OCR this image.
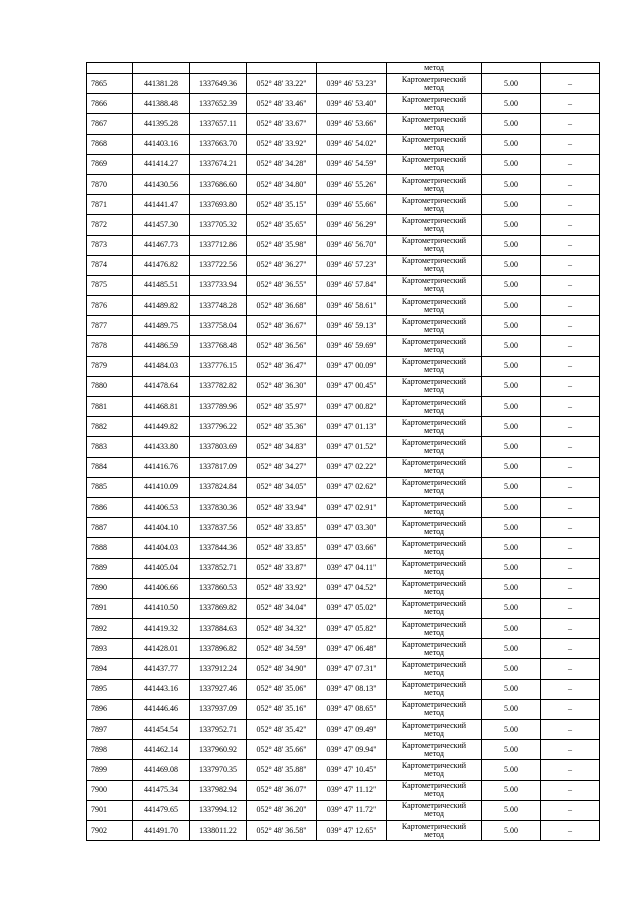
					метод		

7865	441381.28	1337649.36	052° 48' 33.22"	039° 46' 53.23"	Картометрический
метод	5.00	–
7866	441388.48	1337652.39	052° 48' 33.46"	039° 46' 53.40"	Картометрический
метод	5.00	–
7867	441395.28	1337657.11	052° 48' 33.67"	039° 46' 53.66"	Картометрический
метод	5.00	–
7868	441403.16	1337663.70	052° 48' 33.92"	039° 46' 54.02"	Картометрический
метод	5.00	–
7869	441414.27	1337674.21	052° 48' 34.28"	039° 46' 54.59"	Картометрический
метод	5.00	–
7870	441430.56	1337686.60	052° 48' 34.80"	039° 46' 55.26"	Картометрический
метод	5.00	–
7871	441441.47	1337693.80	052° 48' 35.15"	039° 46' 55.66"	Картометрический
метод	5.00	–
7872	441457.30	1337705.32	052° 48' 35.65"	039° 46' 56.29"	Картометрический
метод	5.00	–
7873	441467.73	1337712.86	052° 48' 35.98"	039° 46' 56.70"	Картометрический
метод	5.00	–
7874	441476.82	1337722.56	052° 48' 36.27"	039° 46' 57.23"	Картометрический
метод	5.00	–
7875	441485.51	1337733.94	052° 48' 36.55"	039° 46' 57.84"	Картометрический
метод	5.00	–
7876	441489.82	1337748.28	052° 48' 36.68"	039° 46' 58.61"	Картометрический
метод	5.00	–
7877	441489.75	1337758.04	052° 48' 36.67"	039° 46' 59.13"	Картометрический
метод	5.00	–
7878	441486.59	1337768.48	052° 48' 36.56"	039° 46' 59.69"	Картометрический
метод	5.00	–
7879	441484.03	1337776.15	052° 48' 36.47"	039° 47' 00.09"	Картометрический
метод	5.00	–
7880	441478.64	1337782.82	052° 48' 36.30"	039° 47' 00.45"	Картометрический
метод	5.00	–
7881	441468.81	1337789.96	052° 48' 35.97"	039° 47' 00.82"	Картометрический
метод	5.00	–
7882	441449.82	1337796.22	052° 48' 35.36"	039° 47' 01.13"	Картометрический
метод	5.00	–
7883	441433.80	1337803.69	052° 48' 34.83"	039° 47' 01.52"	Картометрический
метод	5.00	–
7884	441416.76	1337817.09	052° 48' 34.27"	039° 47' 02.22"	Картометрический
метод	5.00	–
7885	441410.09	1337824.84	052° 48' 34.05"	039° 47' 02.62"	Картометрический
метод	5.00	–
7886	441406.53	1337830.36	052° 48' 33.94"	039° 47' 02.91"	Картометрический
метод	5.00	–
7887	441404.10	1337837.56	052° 48' 33.85"	039° 47' 03.30"	Картометрический
метод	5.00	–
7888	441404.03	1337844.36	052° 48' 33.85"	039° 47' 03.66"	Картометрический
метод	5.00	–
7889	441405.04	1337852.71	052° 48' 33.87"	039° 47' 04.11"	Картометрический
метод	5.00	–
7890	441406.66	1337860.53	052° 48' 33.92"	039° 47' 04.52"	Картометрический
метод	5.00	–
7891	441410.50	1337869.82	052° 48' 34.04"	039° 47' 05.02"	Картометрический
метод	5.00	–
7892	441419.32	1337884.63	052° 48' 34.32"	039° 47' 05.82"	Картометрический
метод	5.00	–
7893	441428.01	1337896.82	052° 48' 34.59"	039° 47' 06.48"	Картометрический
метод	5.00	–
7894	441437.77	1337912.24	052° 48' 34.90"	039° 47' 07.31"	Картометрический
метод	5.00	–
7895	441443.16	1337927.46	052° 48' 35.06"	039° 47' 08.13"	Картометрический
метод	5.00	–
7896	441446.46	1337937.09	052° 48' 35.16"	039° 47' 08.65"	Картометрический
метод	5.00	–
7897	441454.54	1337952.71	052° 48' 35.42"	039° 47' 09.49"	Картометрический
метод	5.00	–
7898	441462.14	1337960.92	052° 48' 35.66"	039° 47' 09.94"	Картометрический
метод	5.00	–
7899	441469.08	1337970.35	052° 48' 35.88"	039° 47' 10.45"	Картометрический
метод	5.00	–
7900	441475.34	1337982.94	052° 48' 36.07"	039° 47' 11.12"	Картометрический
метод	5.00	–
7901	441479.65	1337994.12	052° 48' 36.20"	039° 47' 11.72"	Картометрический
метод	5.00	–
7902	441491.70	1338011.22	052° 48' 36.58"	039° 47' 12.65"	Картометрический
метод	5.00	–
